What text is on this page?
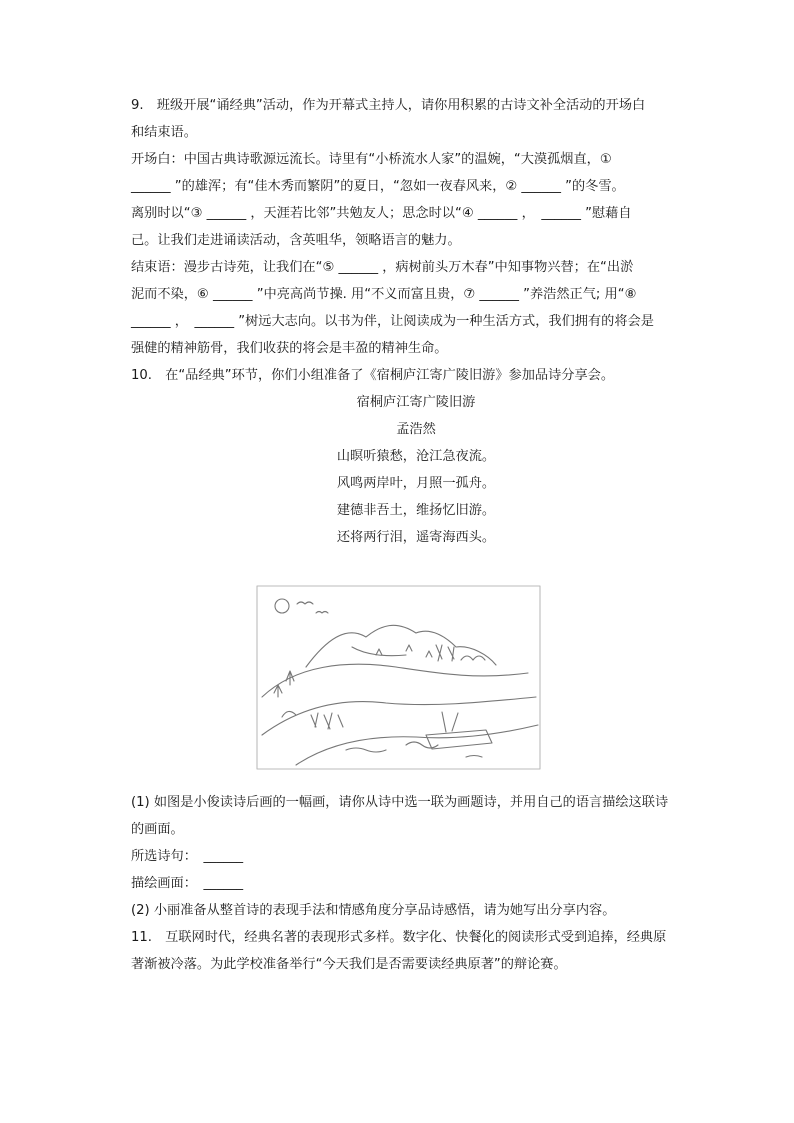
9.　班级开展“诵经典”活动，作为开幕式主持人，请你用积累的古诗文补全活动的开场白

和结束语。

开场白：中国古典诗歌源远流长。诗里有“小桥流水人家”的温婉，“大漠孤烟直，①

______ ”的雄浑；有“佳木秀而繁阴”的夏日，“忽如一夜春风来，② ______ ”的冬雪。

离别时以“③ ______ ，天涯若比邻”共勉友人；思念时以“④ ______ ，　______ ”慰藉自

己。让我们走进诵读活动，含英咀华，领略语言的魅力。

结束语：漫步古诗苑，让我们在“⑤ ______ ，病树前头万木春”中知事物兴替；在“出淤

泥而不染，⑥ ______ ”中亮高尚节操. 用“不义而富且贵，⑦ ______ ”养浩然正气; 用“⑧

______ ，　______ ”树远大志向。以书为伴，让阅读成为一种生活方式，我们拥有的将会是

强健的精神筋骨，我们收获的将会是丰盈的精神生命。

10.　在“品经典”环节，你们小组准备了《宿桐庐江寄广陵旧游》参加品诗分享会。

宿桐庐江寄广陵旧游

孟浩然

山暝听猿愁，沧江急夜流。

风鸣两岸叶，月照一孤舟。

建德非吾土，维扬忆旧游。

还将两行泪，遥寄海西头。

(1) 如图是小俊读诗后画的一幅画，请你从诗中选一联为画题诗，并用自己的语言描绘这联诗

的画面。

所选诗句：　______

描绘画面：　______

(2) 小丽准备从整首诗的表现手法和情感角度分享品诗感悟，请为她写出分享内容。

11.　互联网时代，经典名著的表现形式多样。数字化、快餐化的阅读形式受到追捧，经典原

著渐被冷落。为此学校准备举行“今天我们是否需要读经典原著”的辩论赛。
